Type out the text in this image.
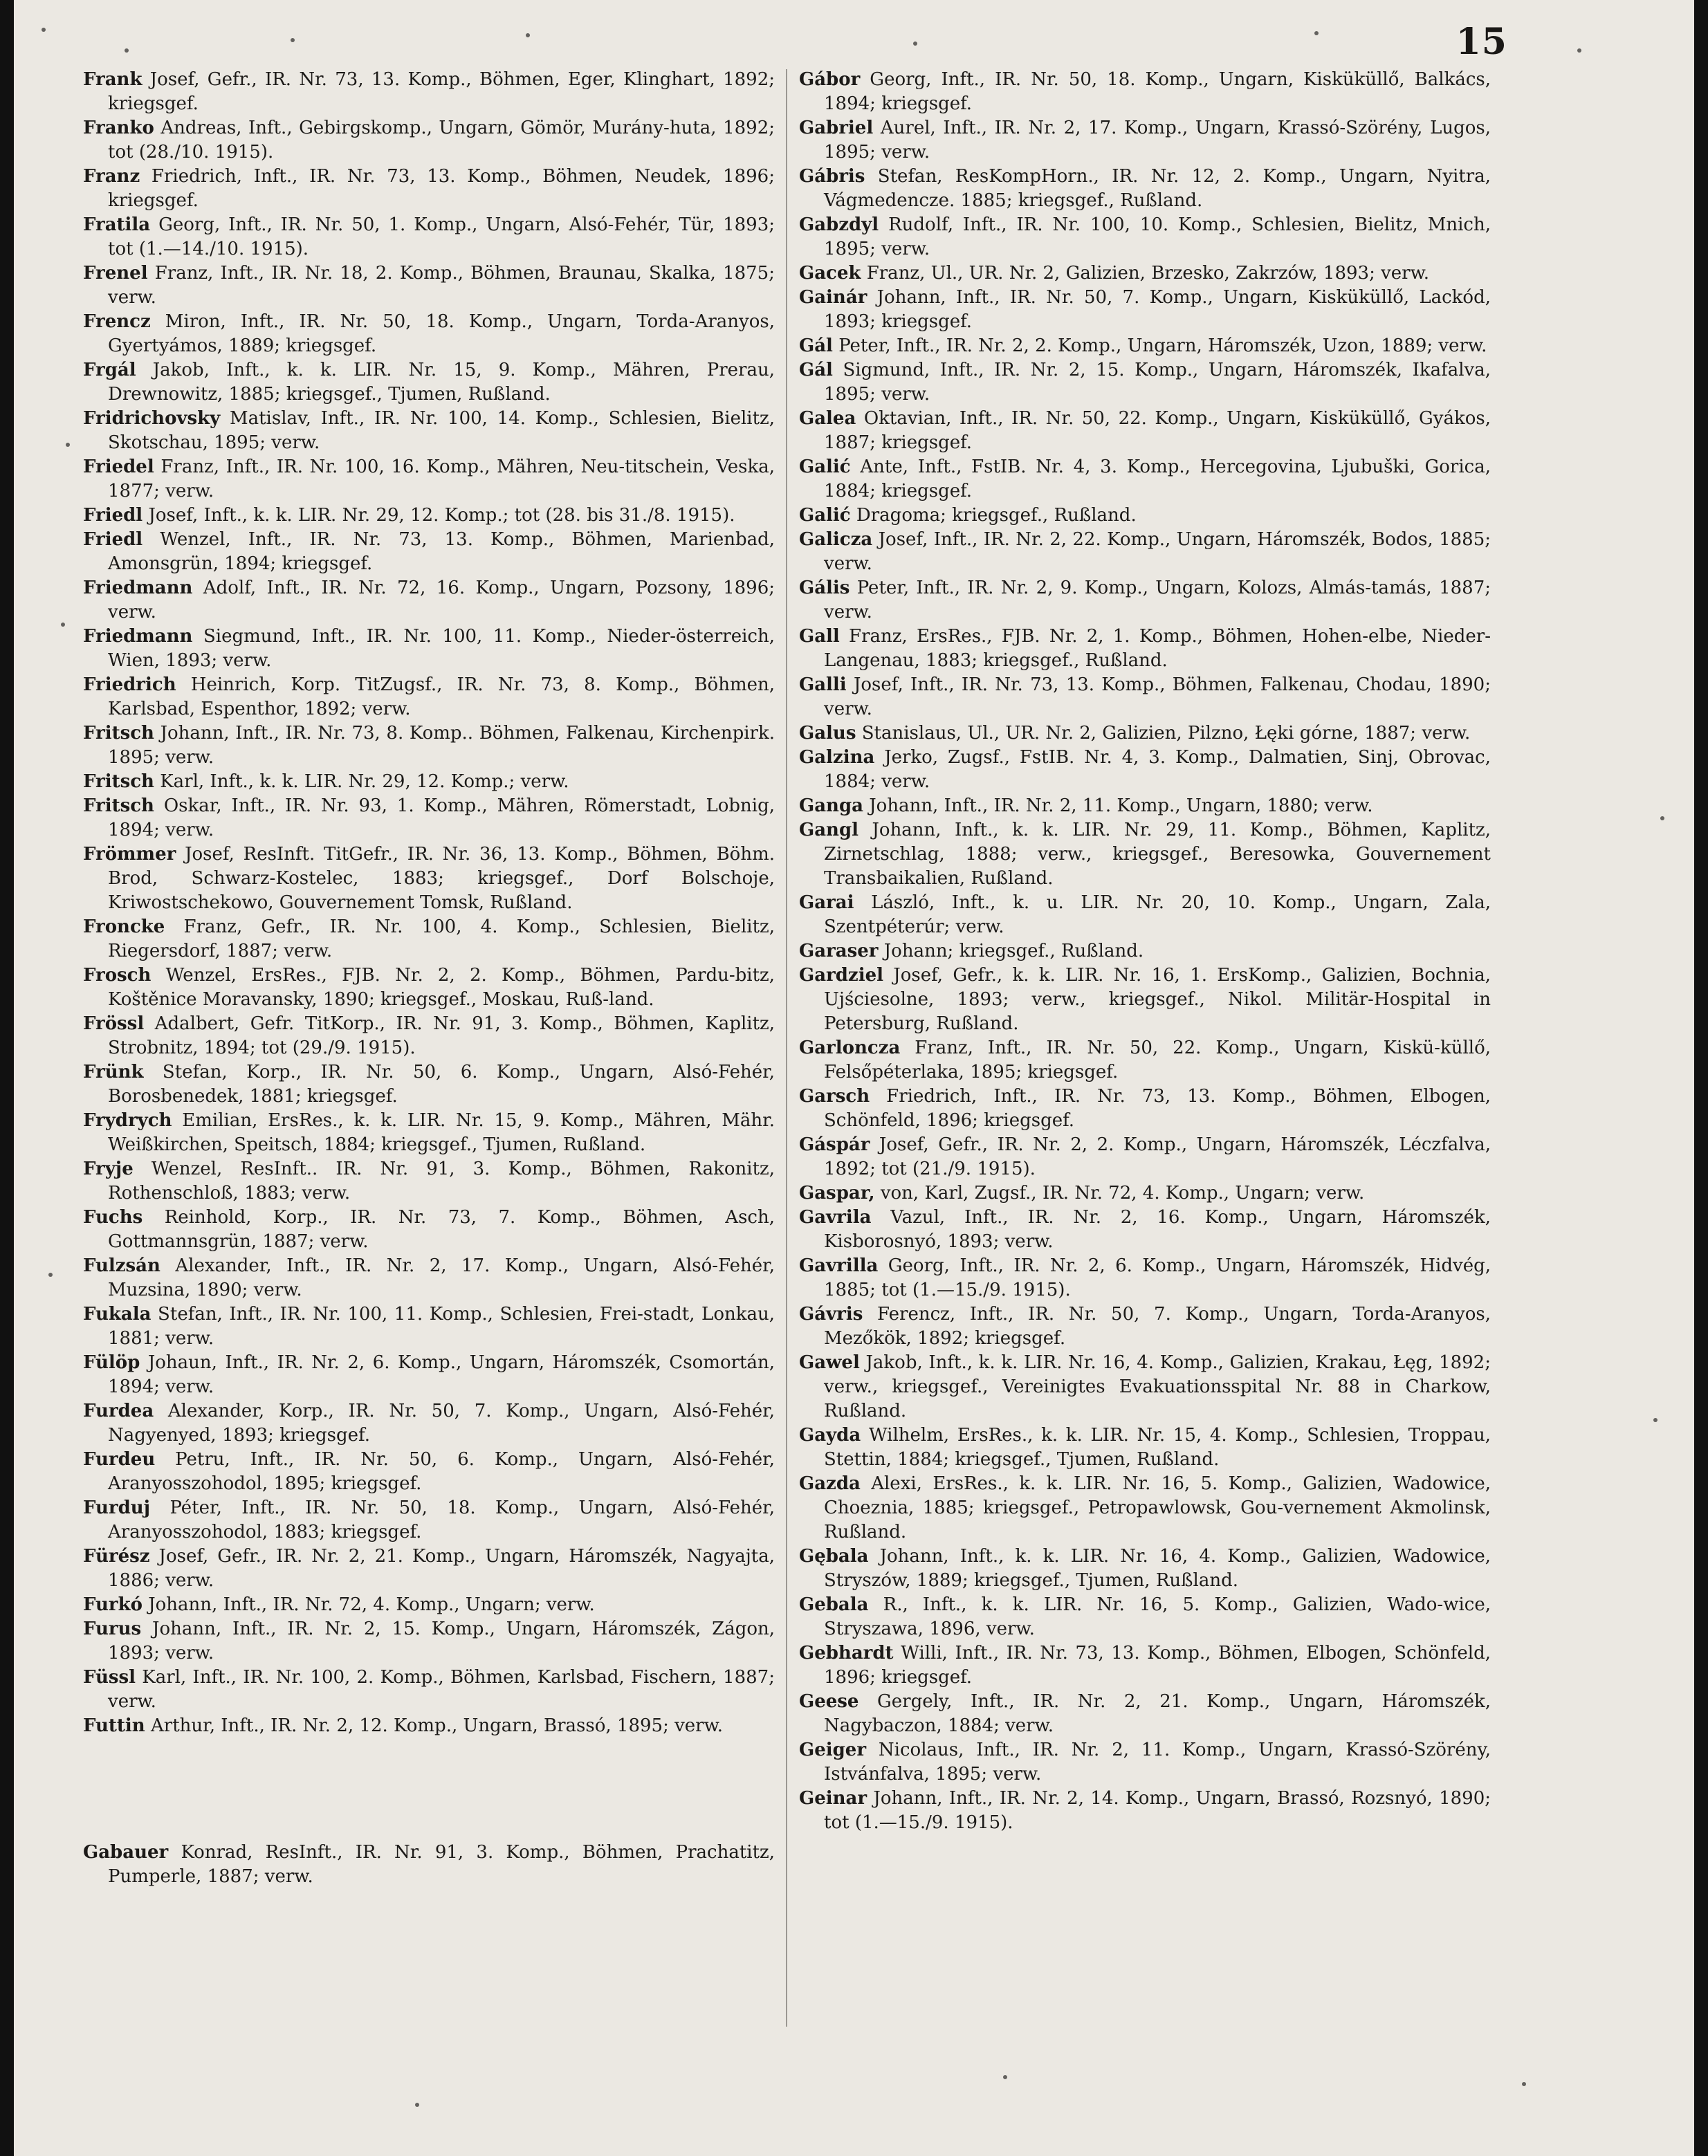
15
Frank Josef, Gefr., IR. Nr. 73, 13. Komp., Böhmen, Eger, Klinghart, 1892; kriegsgef.
Franko Andreas, Inft., Gebirgskomp., Ungarn, Gömör, Murány-huta, 1892; tot (28./10. 1915).
Franz Friedrich, Inft., IR. Nr. 73, 13. Komp., Böhmen, Neudek, 1896; kriegsgef.
Fratila Georg, Inft., IR. Nr. 50, 1. Komp., Ungarn, Alsó-Fehér, Tür, 1893; tot (1.—14./10. 1915).
Frenel Franz, Inft., IR. Nr. 18, 2. Komp., Böhmen, Braunau, Skalka, 1875; verw.
Frencz Miron, Inft., IR. Nr. 50, 18. Komp., Ungarn, Torda-Aranyos, Gyertyámos, 1889; kriegsgef.
Frgál Jakob, Inft., k. k. LIR. Nr. 15, 9. Komp., Mähren, Prerau, Drewnowitz, 1885; kriegsgef., Tjumen, Rußland.
Fridrichovsky Matislav, Inft., IR. Nr. 100, 14. Komp., Schlesien, Bielitz, Skotschau, 1895; verw.
Friedel Franz, Inft., IR. Nr. 100, 16. Komp., Mähren, Neu-titschein, Veska, 1877; verw.
Friedl Josef, Inft., k. k. LIR. Nr. 29, 12. Komp.; tot (28. bis 31./8. 1915).
Friedl Wenzel, Inft., IR. Nr. 73, 13. Komp., Böhmen, Marienbad, Amonsgrün, 1894; kriegsgef.
Friedmann Adolf, Inft., IR. Nr. 72, 16. Komp., Ungarn, Pozsony, 1896; verw.
Friedmann Siegmund, Inft., IR. Nr. 100, 11. Komp., Nieder-österreich, Wien, 1893; verw.
Friedrich Heinrich, Korp. TitZugsf., IR. Nr. 73, 8. Komp., Böhmen, Karlsbad, Espenthor, 1892; verw.
Fritsch Johann, Inft., IR. Nr. 73, 8. Komp.. Böhmen, Falkenau, Kirchenpirk. 1895; verw.
Fritsch Karl, Inft., k. k. LIR. Nr. 29, 12. Komp.; verw.
Fritsch Oskar, Inft., IR. Nr. 93, 1. Komp., Mähren, Römerstadt, Lobnig, 1894; verw.
Frömmer Josef, ResInft. TitGefr., IR. Nr. 36, 13. Komp., Böhmen, Böhm. Brod, Schwarz-Kostelec, 1883; kriegsgef., Dorf Bolschoje, Kriwostschekowo, Gouvernement Tomsk, Rußland.
Froncke Franz, Gefr., IR. Nr. 100, 4. Komp., Schlesien, Bielitz, Riegersdorf, 1887; verw.
Frosch Wenzel, ErsRes., FJB. Nr. 2, 2. Komp., Böhmen, Pardu-bitz, Koštěnice Moravansky, 1890; kriegsgef., Moskau, Ruß-land.
Frössl Adalbert, Gefr. TitKorp., IR. Nr. 91, 3. Komp., Böhmen, Kaplitz, Strobnitz, 1894; tot (29./9. 1915).
Frünk Stefan, Korp., IR. Nr. 50, 6. Komp., Ungarn, Alsó-Fehér, Borosbenedek, 1881; kriegsgef.
Frydrych Emilian, ErsRes., k. k. LIR. Nr. 15, 9. Komp., Mähren, Mähr. Weißkirchen, Speitsch, 1884; kriegsgef., Tjumen, Rußland.
Fryje Wenzel, ResInft.. IR. Nr. 91, 3. Komp., Böhmen, Rakonitz, Rothenschloß, 1883; verw.
Fuchs Reinhold, Korp., IR. Nr. 73, 7. Komp., Böhmen, Asch, Gottmannsgrün, 1887; verw.
Fulzsán Alexander, Inft., IR. Nr. 2, 17. Komp., Ungarn, Alsó-Fehér, Muzsina, 1890; verw.
Fukala Stefan, Inft., IR. Nr. 100, 11. Komp., Schlesien, Frei-stadt, Lonkau, 1881; verw.
Fülöp Johaun, Inft., IR. Nr. 2, 6. Komp., Ungarn, Háromszék, Csomortán, 1894; verw.
Furdea Alexander, Korp., IR. Nr. 50, 7. Komp., Ungarn, Alsó-Fehér, Nagyenyed, 1893; kriegsgef.
Furdeu Petru, Inft., IR. Nr. 50, 6. Komp., Ungarn, Alsó-Fehér, Aranyosszohodol, 1895; kriegsgef.
Furduj Péter, Inft., IR. Nr. 50, 18. Komp., Ungarn, Alsó-Fehér, Aranyosszohodol, 1883; kriegsgef.
Fürész Josef, Gefr., IR. Nr. 2, 21. Komp., Ungarn, Háromszék, Nagyajta, 1886; verw.
Furkó Johann, Inft., IR. Nr. 72, 4. Komp., Ungarn; verw.
Furus Johann, Inft., IR. Nr. 2, 15. Komp., Ungarn, Háromszék, Zágon, 1893; verw.
Füssl Karl, Inft., IR. Nr. 100, 2. Komp., Böhmen, Karlsbad, Fischern, 1887; verw.
Futtin Arthur, Inft., IR. Nr. 2, 12. Komp., Ungarn, Brassó, 1895; verw.
Gabauer Konrad, ResInft., IR. Nr. 91, 3. Komp., Böhmen, Prachatitz, Pumperle, 1887; verw.
Gábor Georg, Inft., IR. Nr. 50, 18. Komp., Ungarn, Kisküküllő, Balkács, 1894; kriegsgef.
Gabriel Aurel, Inft., IR. Nr. 2, 17. Komp., Ungarn, Krassó-Szörény, Lugos, 1895; verw.
Gábris Stefan, ResKompHorn., IR. Nr. 12, 2. Komp., Ungarn, Nyitra, Vágmedencze. 1885; kriegsgef., Rußland.
Gabzdyl Rudolf, Inft., IR. Nr. 100, 10. Komp., Schlesien, Bielitz, Mnich, 1895; verw.
Gacek Franz, Ul., UR. Nr. 2, Galizien, Brzesko, Zakrzów, 1893; verw.
Gainár Johann, Inft., IR. Nr. 50, 7. Komp., Ungarn, Kisküküllő, Lackód, 1893; kriegsgef.
Gál Peter, Inft., IR. Nr. 2, 2. Komp., Ungarn, Háromszék, Uzon, 1889; verw.
Gál Sigmund, Inft., IR. Nr. 2, 15. Komp., Ungarn, Háromszék, Ikafalva, 1895; verw.
Galea Oktavian, Inft., IR. Nr. 50, 22. Komp., Ungarn, Kisküküllő, Gyákos, 1887; kriegsgef.
Galić Ante, Inft., FstIB. Nr. 4, 3. Komp., Hercegovina, Ljubuški, Gorica, 1884; kriegsgef.
Galić Dragoma; kriegsgef., Rußland.
Galicza Josef, Inft., IR. Nr. 2, 22. Komp., Ungarn, Háromszék, Bodos, 1885; verw.
Gális Peter, Inft., IR. Nr. 2, 9. Komp., Ungarn, Kolozs, Almás-tamás, 1887; verw.
Gall Franz, ErsRes., FJB. Nr. 2, 1. Komp., Böhmen, Hohen-elbe, Nieder-Langenau, 1883; kriegsgef., Rußland.
Galli Josef, Inft., IR. Nr. 73, 13. Komp., Böhmen, Falkenau, Chodau, 1890; verw.
Galus Stanislaus, Ul., UR. Nr. 2, Galizien, Pilzno, Łęki górne, 1887; verw.
Galzina Jerko, Zugsf., FstIB. Nr. 4, 3. Komp., Dalmatien, Sinj, Obrovac, 1884; verw.
Ganga Johann, Inft., IR. Nr. 2, 11. Komp., Ungarn, 1880; verw.
Gangl Johann, Inft., k. k. LIR. Nr. 29, 11. Komp., Böhmen, Kaplitz, Zirnetschlag, 1888; verw., kriegsgef., Beresowka, Gouvernement Transbaikalien, Rußland.
Garai László, Inft., k. u. LIR. Nr. 20, 10. Komp., Ungarn, Zala, Szentpéterúr; verw.
Garaser Johann; kriegsgef., Rußland.
Gardziel Josef, Gefr., k. k. LIR. Nr. 16, 1. ErsKomp., Galizien, Bochnia, Ujściesolne, 1893; verw., kriegsgef., Nikol. Militär-Hospital in Petersburg, Rußland.
Garloncza Franz, Inft., IR. Nr. 50, 22. Komp., Ungarn, Kiskü-küllő, Felsőpéterlaka, 1895; kriegsgef.
Garsch Friedrich, Inft., IR. Nr. 73, 13. Komp., Böhmen, Elbogen, Schönfeld, 1896; kriegsgef.
Gáspár Josef, Gefr., IR. Nr. 2, 2. Komp., Ungarn, Háromszék, Léczfalva, 1892; tot (21./9. 1915).
Gaspar, von, Karl, Zugsf., IR. Nr. 72, 4. Komp., Ungarn; verw.
Gavrila Vazul, Inft., IR. Nr. 2, 16. Komp., Ungarn, Háromszék, Kisborosnyó, 1893; verw.
Gavrilla Georg, Inft., IR. Nr. 2, 6. Komp., Ungarn, Háromszék, Hidvég, 1885; tot (1.—15./9. 1915).
Gávris Ferencz, Inft., IR. Nr. 50, 7. Komp., Ungarn, Torda-Aranyos, Mezőkök, 1892; kriegsgef.
Gawel Jakob, Inft., k. k. LIR. Nr. 16, 4. Komp., Galizien, Krakau, Łęg, 1892; verw., kriegsgef., Vereinigtes Evakuationsspital Nr. 88 in Charkow, Rußland.
Gayda Wilhelm, ErsRes., k. k. LIR. Nr. 15, 4. Komp., Schlesien, Troppau, Stettin, 1884; kriegsgef., Tjumen, Rußland.
Gazda Alexi, ErsRes., k. k. LIR. Nr. 16, 5. Komp., Galizien, Wadowice, Choeznia, 1885; kriegsgef., Petropawlowsk, Gou-vernement Akmolinsk, Rußland.
Gębala Johann, Inft., k. k. LIR. Nr. 16, 4. Komp., Galizien, Wadowice, Stryszów, 1889; kriegsgef., Tjumen, Rußland.
Gebala R., Inft., k. k. LIR. Nr. 16, 5. Komp., Galizien, Wado-wice, Stryszawa, 1896, verw.
Gebhardt Willi, Inft., IR. Nr. 73, 13. Komp., Böhmen, Elbogen, Schönfeld, 1896; kriegsgef.
Geese Gergely, Inft., IR. Nr. 2, 21. Komp., Ungarn, Háromszék, Nagybaczon, 1884; verw.
Geiger Nicolaus, Inft., IR. Nr. 2, 11. Komp., Ungarn, Krassó-Szörény, Istvánfalva, 1895; verw.
Geinar Johann, Inft., IR. Nr. 2, 14. Komp., Ungarn, Brassó, Rozsnyó, 1890; tot (1.—15./9. 1915).
